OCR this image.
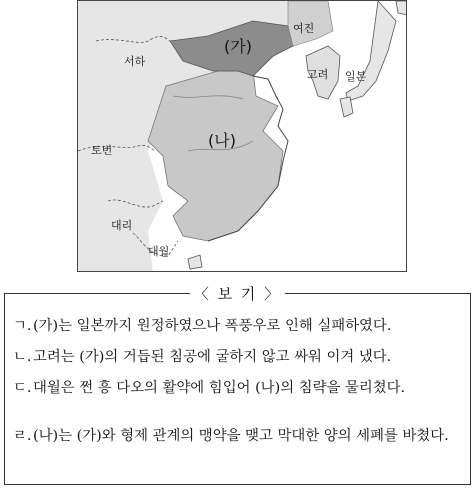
(가)
(나)
여진
고려 일본
서하
토번
대리
대월
〈 보 기 〉
ㄱ. (가)는 일본까지 원정하였으나 폭풍우로 인해 실패하였다.
ㄴ. 고려는 (가)의 거듭된 침공에 굴하지 않고 싸워 이겨 냈다.
ㄷ. 대월은 쩐 흥 다오의 활약에 힘입어 (나)의 침략을 물리쳤다.
ㄹ. (나)는 (가)와 형제 관계의 맹약을 맺고 막대한 양의 세폐를 바쳤다.
